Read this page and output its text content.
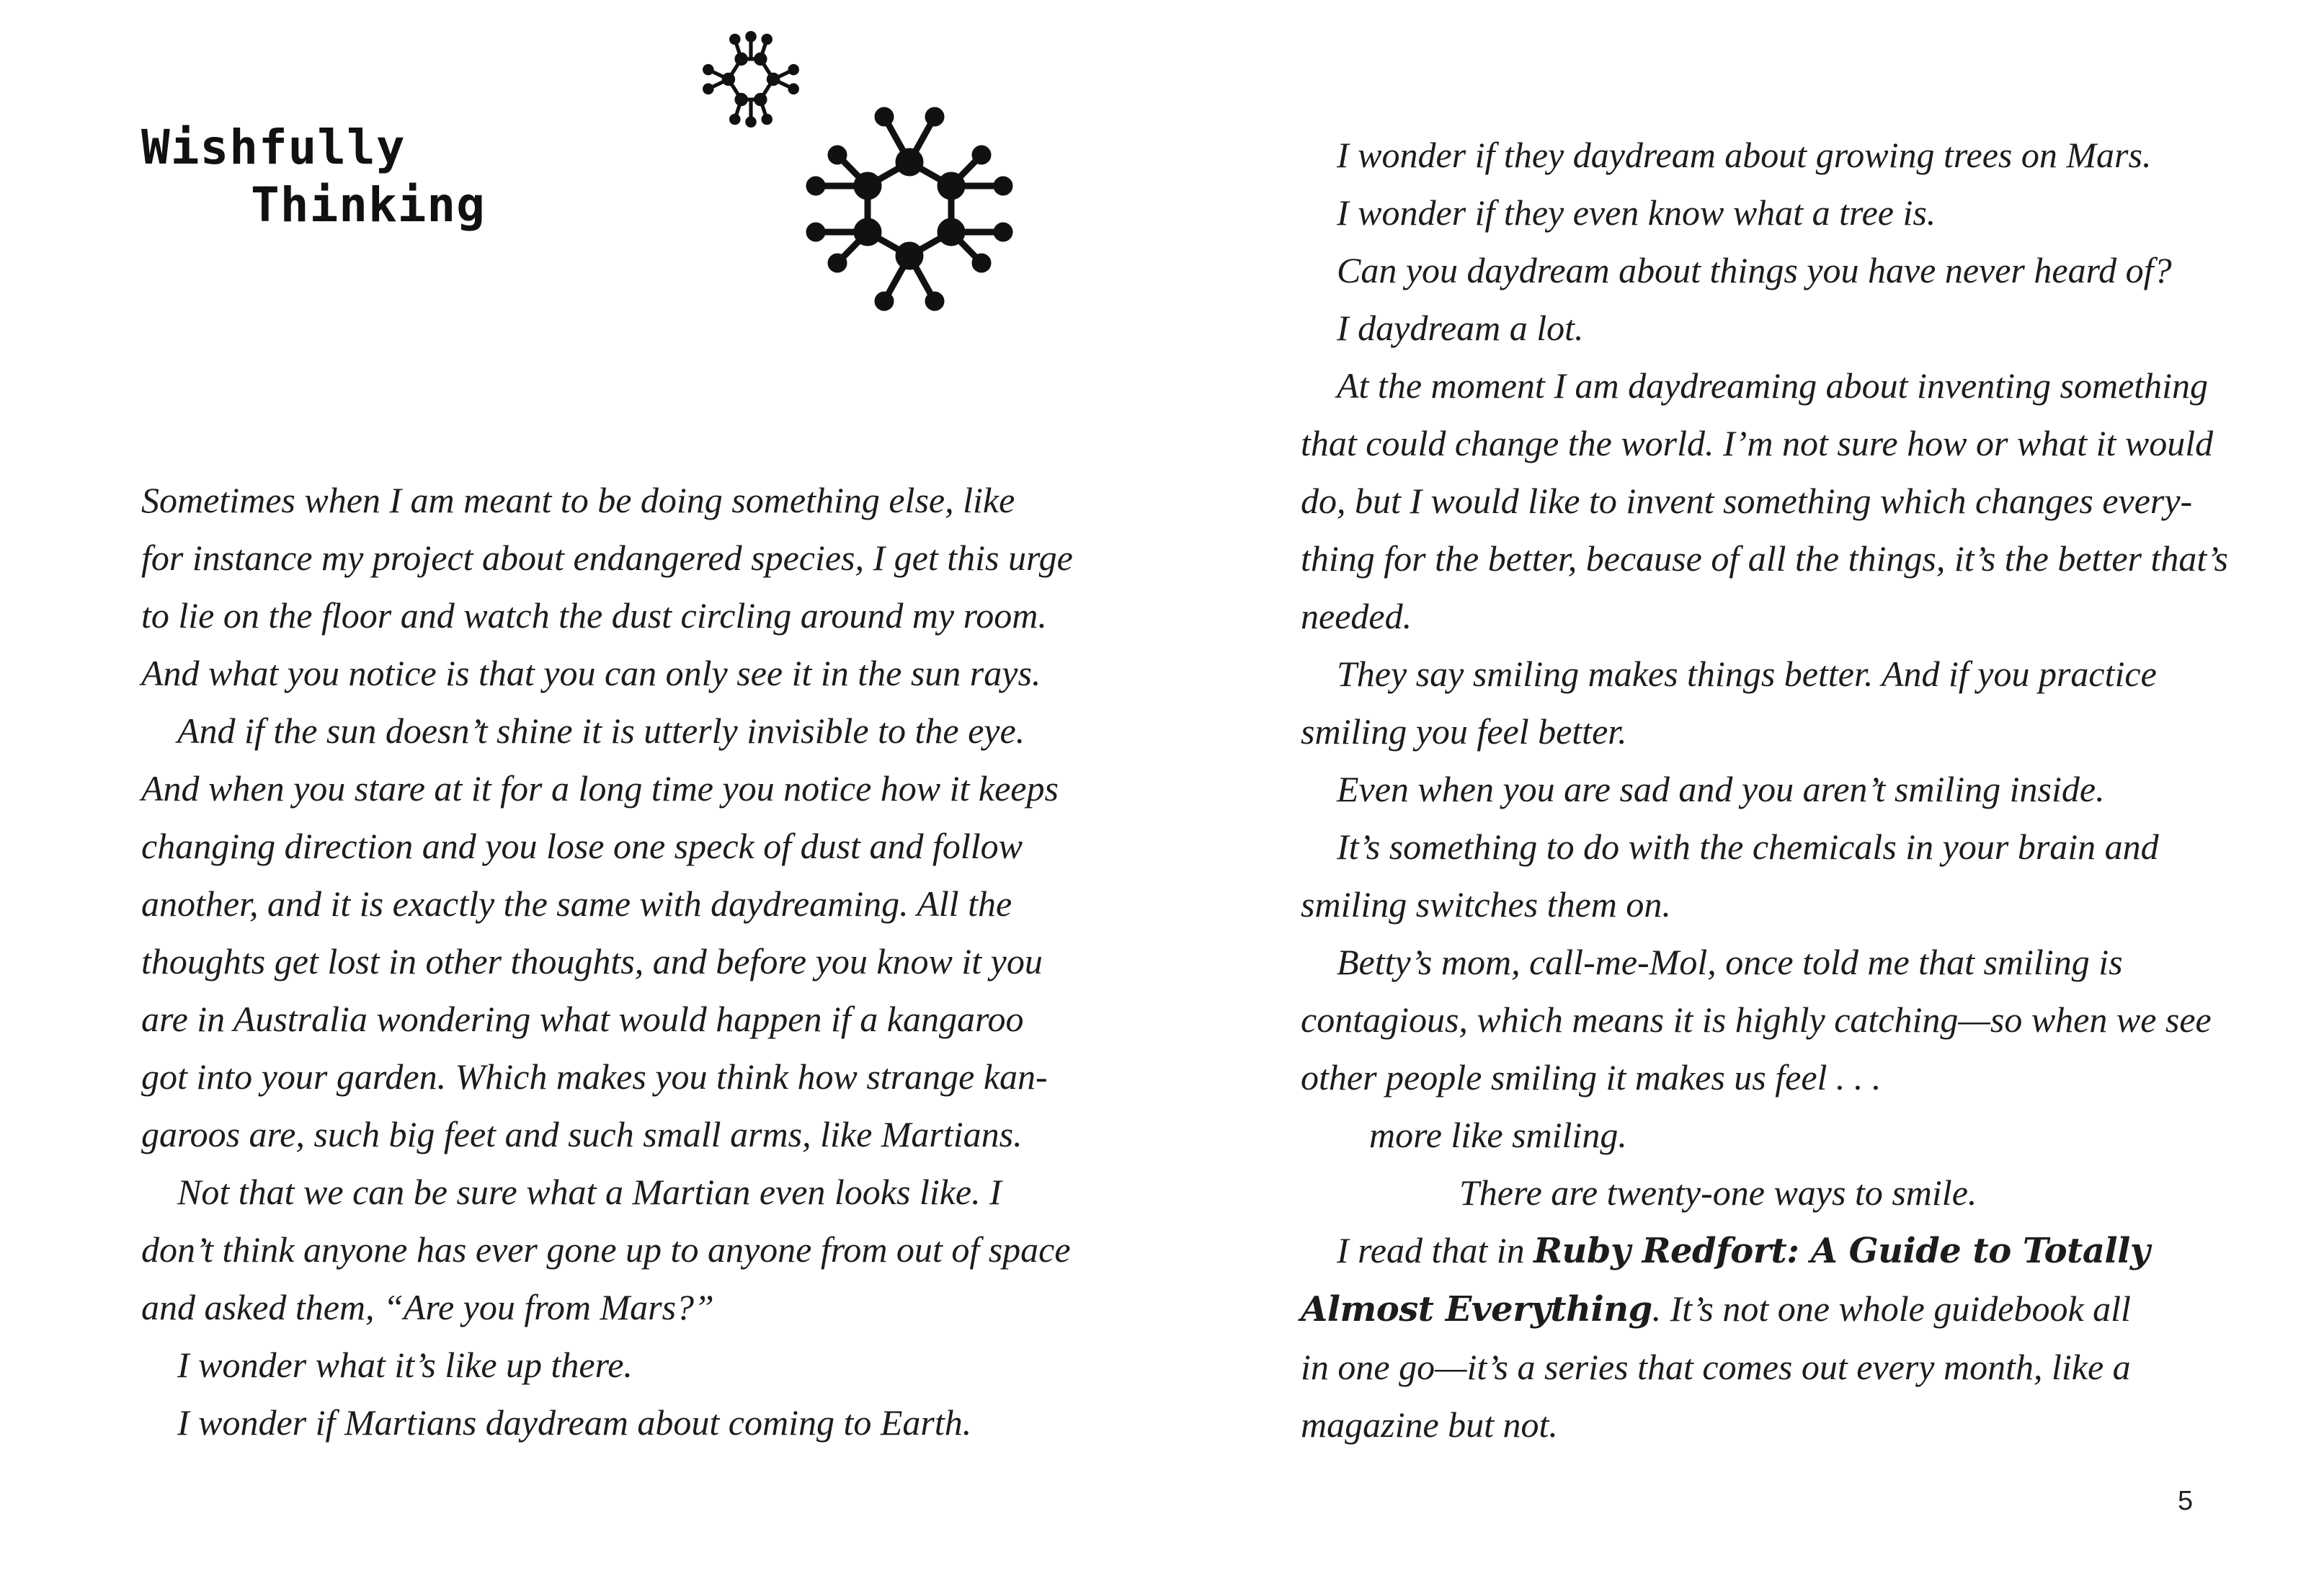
Wishfully
Thinking
Sometimes when I am meant to be doing something else, like
for instance my project about endangered species, I get this urge
to lie on the floor and watch the dust circling around my room.
And what you notice is that you can only see it in the sun rays.
And if the sun doesn’t shine it is utterly invisible to the eye.
And when you stare at it for a long time you notice how it keeps
changing direction and you lose one speck of dust and follow
another, and it is exactly the same with daydreaming. All the
thoughts get lost in other thoughts, and before you know it you
are in Australia wondering what would happen if a kangaroo
got into your garden. Which makes you think how strange kan-
garoos are, such big feet and such small arms, like Martians.
Not that we can be sure what a Martian even looks like. I
don’t think anyone has ever gone up to anyone from out of space
and asked them, “Are you from Mars?”
I wonder what it’s like up there.
I wonder if Martians daydream about coming to Earth.
I wonder if they daydream about growing trees on Mars.
I wonder if they even know what a tree is.
Can you daydream about things you have never heard of?
I daydream a lot.
At the moment I am daydreaming about inventing something
that could change the world. I’m not sure how or what it would
do, but I would like to invent something which changes every-
thing for the better, because of all the things, it’s the better that’s
needed.
They say smiling makes things better. And if you practice
smiling you feel better.
Even when you are sad and you aren’t smiling inside.
It’s something to do with the chemicals in your brain and
smiling switches them on.
Betty’s mom, call-me-Mol, once told me that smiling is
contagious, which means it is highly catching—so when we see
other people smiling it makes us feel . . .
more like smiling.
There are twenty-one ways to smile.
I read that in Ruby Redfort: A Guide to Totally
Almost Everything. It’s not one whole guidebook all
in one go—it’s a series that comes out every month, like a
magazine but not.
5
